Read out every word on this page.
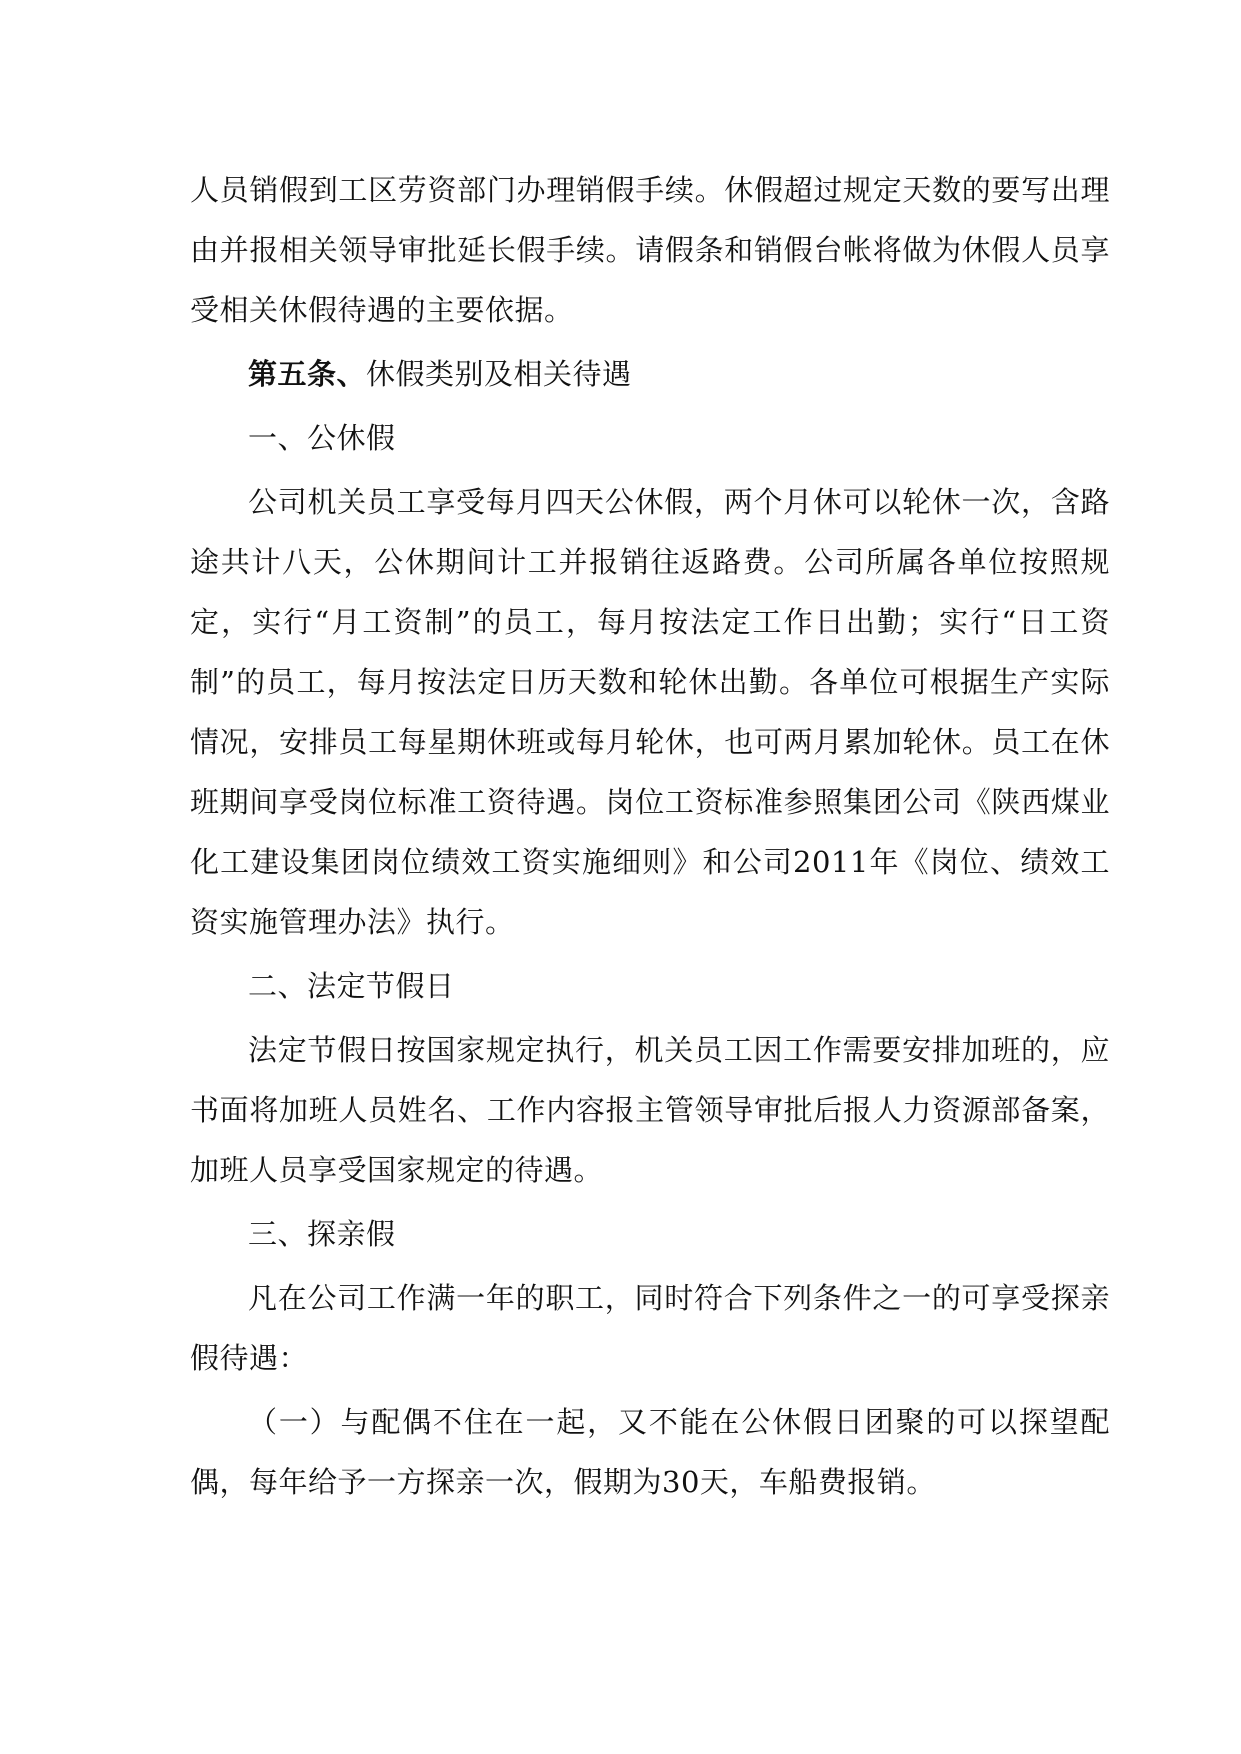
人员销假到工区劳资部门办理销假手续。休假超过规定天数的要写出理由并报相关领导审批延长假手续。请假条和销假台帐将做为休假人员享受相关休假待遇的主要依据。

第五条、休假类别及相关待遇

一、公休假

公司机关员工享受每月四天公休假，两个月休可以轮休一次，含路途共计八天，公休期间计工并报销往返路费。公司所属各单位按照规定，实行“月工资制”的员工，每月按法定工作日出勤；实行“日工资制”的员工，每月按法定日历天数和轮休出勤。各单位可根据生产实际情况，安排员工每星期休班或每月轮休，也可两月累加轮休。员工在休班期间享受岗位标准工资待遇。岗位工资标准参照集团公司《陕西煤业化工建设集团岗位绩效工资实施细则》和公司2011年《岗位、绩效工资实施管理办法》执行。

二、法定节假日

法定节假日按国家规定执行，机关员工因工作需要安排加班的，应书面将加班人员姓名、工作内容报主管领导审批后报人力资源部备案，加班人员享受国家规定的待遇。

三、探亲假

凡在公司工作满一年的职工，同时符合下列条件之一的可享受探亲假待遇：

（一）与配偶不住在一起，又不能在公休假日团聚的可以探望配偶，每年给予一方探亲一次，假期为30天，车船费报销。
